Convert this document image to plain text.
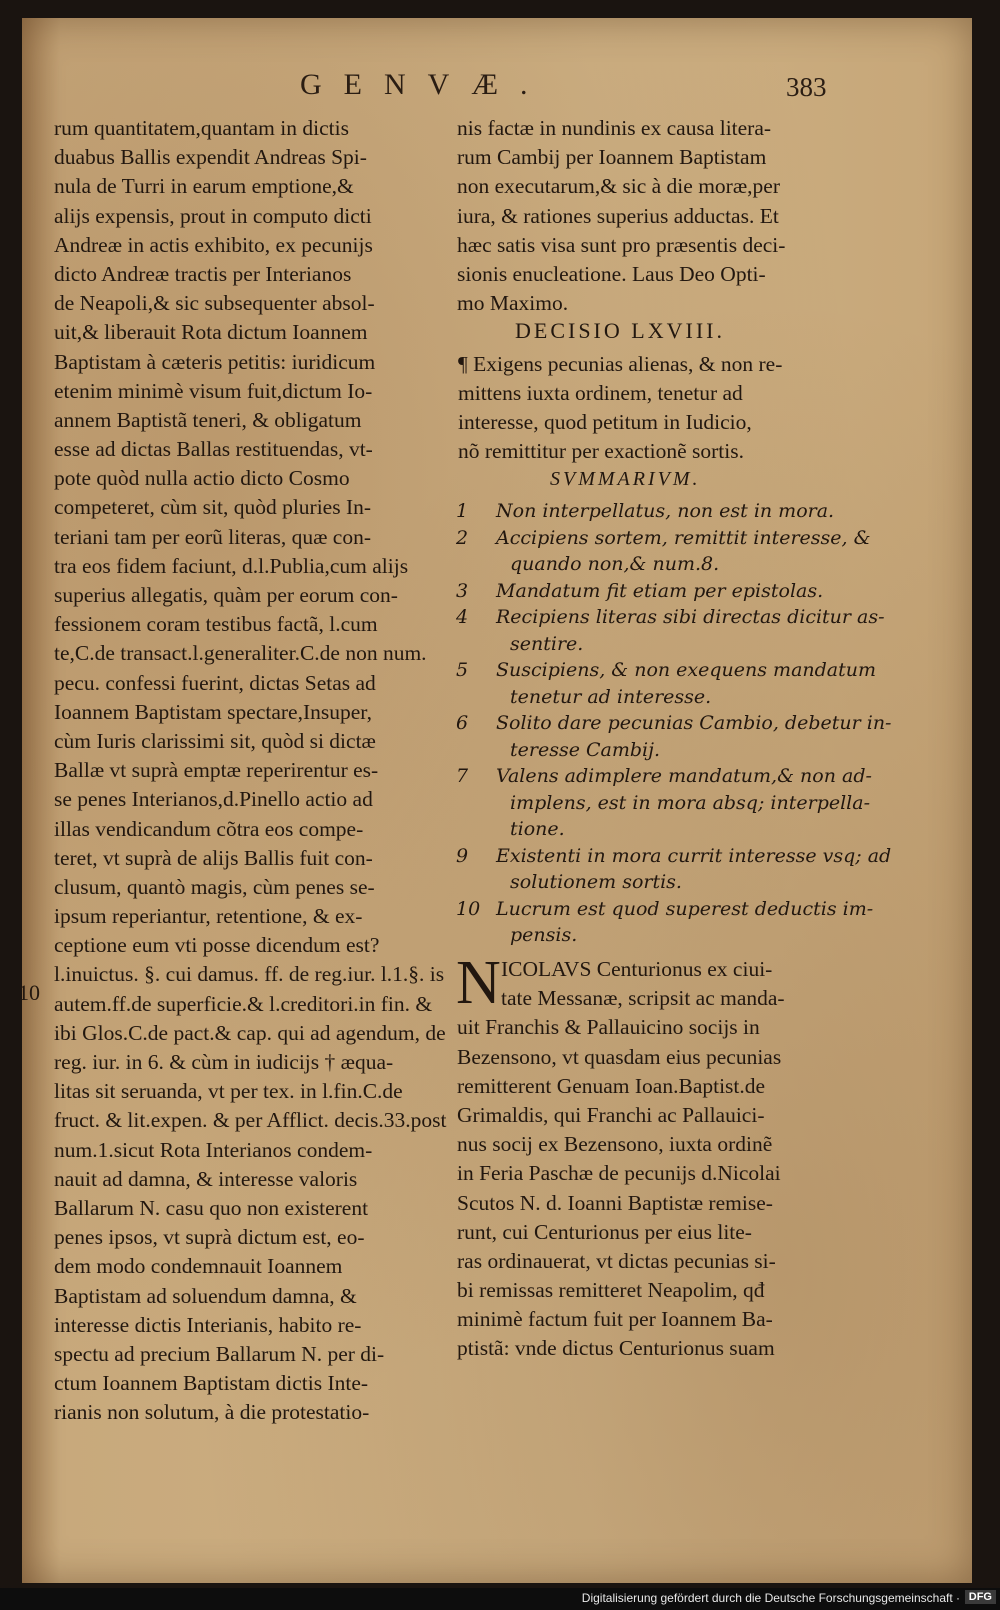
GENVÆ.	383
rum quantitatem,quantam in dictis
duabus Ballis expendit Andreas Spi-
nula de Turri in earum emptione,&
alijs expensis, prout in computo dicti
Andreæ in actis exhibito, ex pecunijs
dicto Andreæ tractis per Interianos
de Neapoli,& sic subsequenter absol-
uit,& liberauit Rota dictum Ioannem
Baptistam à cæteris petitis: iuridicum
etenim minimè visum fuit,dictum Io-
annem Baptistã teneri, & obligatum
esse ad dictas Ballas restituendas, vt-
pote quòd nulla actio dicto Cosmo
competeret, cùm sit, quòd pluries In-
teriani tam per eorũ literas, quæ con-
tra eos fidem faciunt, d.l.Publia,cum alijs
superius allegatis, quàm per eorum con-
fessionem coram testibus factã, l.cum
te,C.de transact.l.generaliter.C.de non num.
pecu. confessi fuerint, dictas Setas ad
Ioannem Baptistam spectare,Insuper,
cùm Iuris clarissimi sit, quòd si dictæ
Ballæ vt suprà emptæ reperirentur es-
se penes Interianos,d.Pinello actio ad
illas vendicandum cõtra eos compe-
teret, vt suprà de alijs Ballis fuit con-
clusum, quantò magis, cùm penes se-
ipsum reperiantur, retentione, & ex-
ceptione eum vti posse dicendum est?
l.inuictus. §. cui damus. ff. de reg.iur. l.1.§. is
autem.ff.de superficie.& l.creditori.in fin. &
ibi Glos.C.de pact.& cap. qui ad agendum, de
reg. iur. in 6. & cùm in iudicijs † æqua-
litas sit seruanda, vt per tex. in l.fin.C.de
fruct. & lit.expen. & per Afflict. decis.33.post
num.1.sicut Rota Interianos condem-
nauit ad damna, & interesse valoris
Ballarum N. casu quo non existerent
penes ipsos, vt suprà dictum est, eo-
dem modo condemnauit Ioannem
Baptistam ad soluendum damna, &
interesse dictis Interianis, habito re-
spectu ad precium Ballarum N. per di-
ctum Ioannem Baptistam dictis Inte-
rianis non solutum, à die protestatio-
10
nis factæ in nundinis ex causa litera-
rum Cambij per Ioannem Baptistam
non executarum,& sic à die moræ,per
iura, & rationes superius adductas. Et
hæc satis visa sunt pro præsentis deci-
sionis enucleatione. Laus Deo Opti-
mo Maximo.
DECISIO LXVIII.
¶ Exigens pecunias alienas, & non re-
mittens iuxta ordinem, tenetur ad
interesse, quod petitum in Iudicio,
nõ remittitur per exactionẽ sortis.
SVMMARIVM.
1	Non interpellatus, non est in mora.
2	Accipiens sortem, remittit interesse, &
quando non,& num.8.
3	Mandatum fit etiam per epistolas.
4	Recipiens literas sibi directas dicitur as-
sentire.
5	Suscipiens, & non exequens mandatum
tenetur ad interesse.
6	Solito dare pecunias Cambio, debetur in-
teresse Cambij.
7	Valens adimplere mandatum,& non ad-
implens, est in mora absq; interpella-
tione.
9	Existenti in mora currit interesse vsq; ad
solutionem sortis.
10 Lucrum est quod superest deductis im-
pensis.
N ICOLAVS Centurionus ex ciui-
tate Messanæ, scripsit ac manda-
uit Franchis & Pallauicino socijs in
Bezensono, vt quasdam eius pecunias
remitterent Genuam Ioan.Baptist.de
Grimaldis, qui Franchi ac Pallauici-
nus socij ex Bezensono, iuxta ordinẽ
in Feria Paschæ de pecunijs d.Nicolai
Scutos N. d. Ioanni Baptistæ remise-
runt, cui Centurionus per eius lite-
ras ordinauerat, vt dictas pecunias si-
bi remissas remitteret Neapolim, qđ
minimè factum fuit per Ioannem Ba-
ptistã: vnde dictus Centurionus suam
Digitalisierung gefördert durch die Deutsche Forschungsgemeinschaft · DFG
